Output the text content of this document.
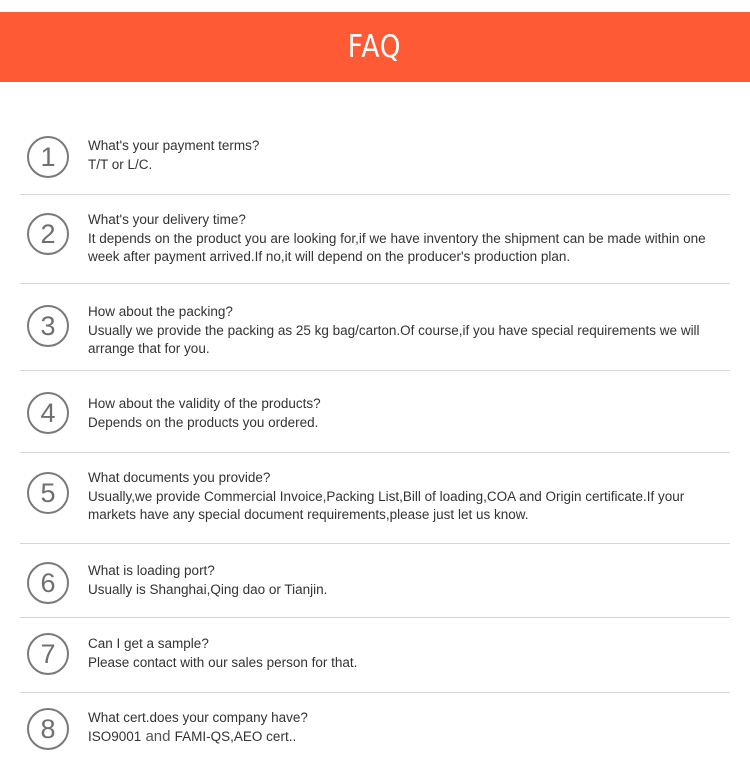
FAQ
1 What's your payment terms?
T/T or L/C.
2 What's your delivery time?
It depends on the product you are looking for,if we have inventory the shipment can be made within one week after payment arrived.If no,it will depend on the producer's production plan.
3 How about the packing?
Usually we provide the packing as 25 kg bag/carton.Of course,if you have special requirements we will arrange that for you.
4 How about the validity of the products?
Depends on the products you ordered.
5 What documents you provide?
Usually,we provide Commercial Invoice,Packing List,Bill of loading,COA and Origin certificate.If your markets have any special document requirements,please just let us know.
6 What is loading port?
Usually is Shanghai,Qing dao or Tianjin.
7 Can I get a sample?
Please contact with our sales person for that.
8 What cert.does your company have?
ISO9001 and FAMI-QS,AEO cert..
